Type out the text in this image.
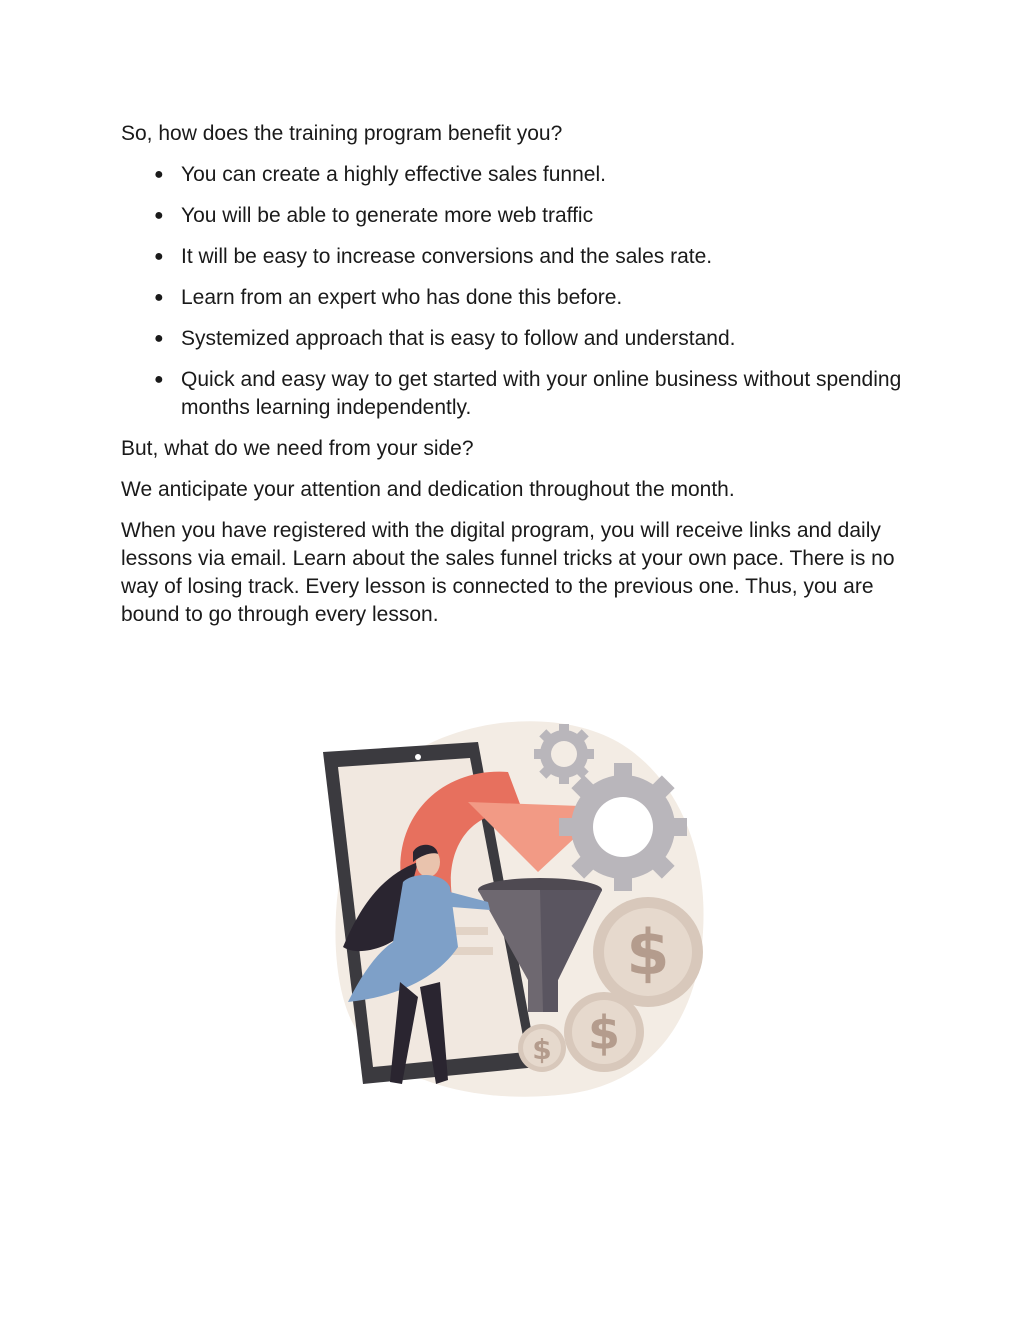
So, how does the training program benefit you?

● You can create a highly effective sales funnel.
● You will be able to generate more web traffic
● It will be easy to increase conversions and the sales rate.
● Learn from an expert who has done this before.
● Systemized approach that is easy to follow and understand.
● Quick and easy way to get started with your online business without spending months learning independently.

But, what do we need from your side?

We anticipate your attention and dedication throughout the month.

When you have registered with the digital program, you will receive links and daily lessons via email. Learn about the sales funnel tricks at your own pace. There is no way of losing track. Every lesson is connected to the previous one. Thus, you are bound to go through every lesson.

$
$
$
